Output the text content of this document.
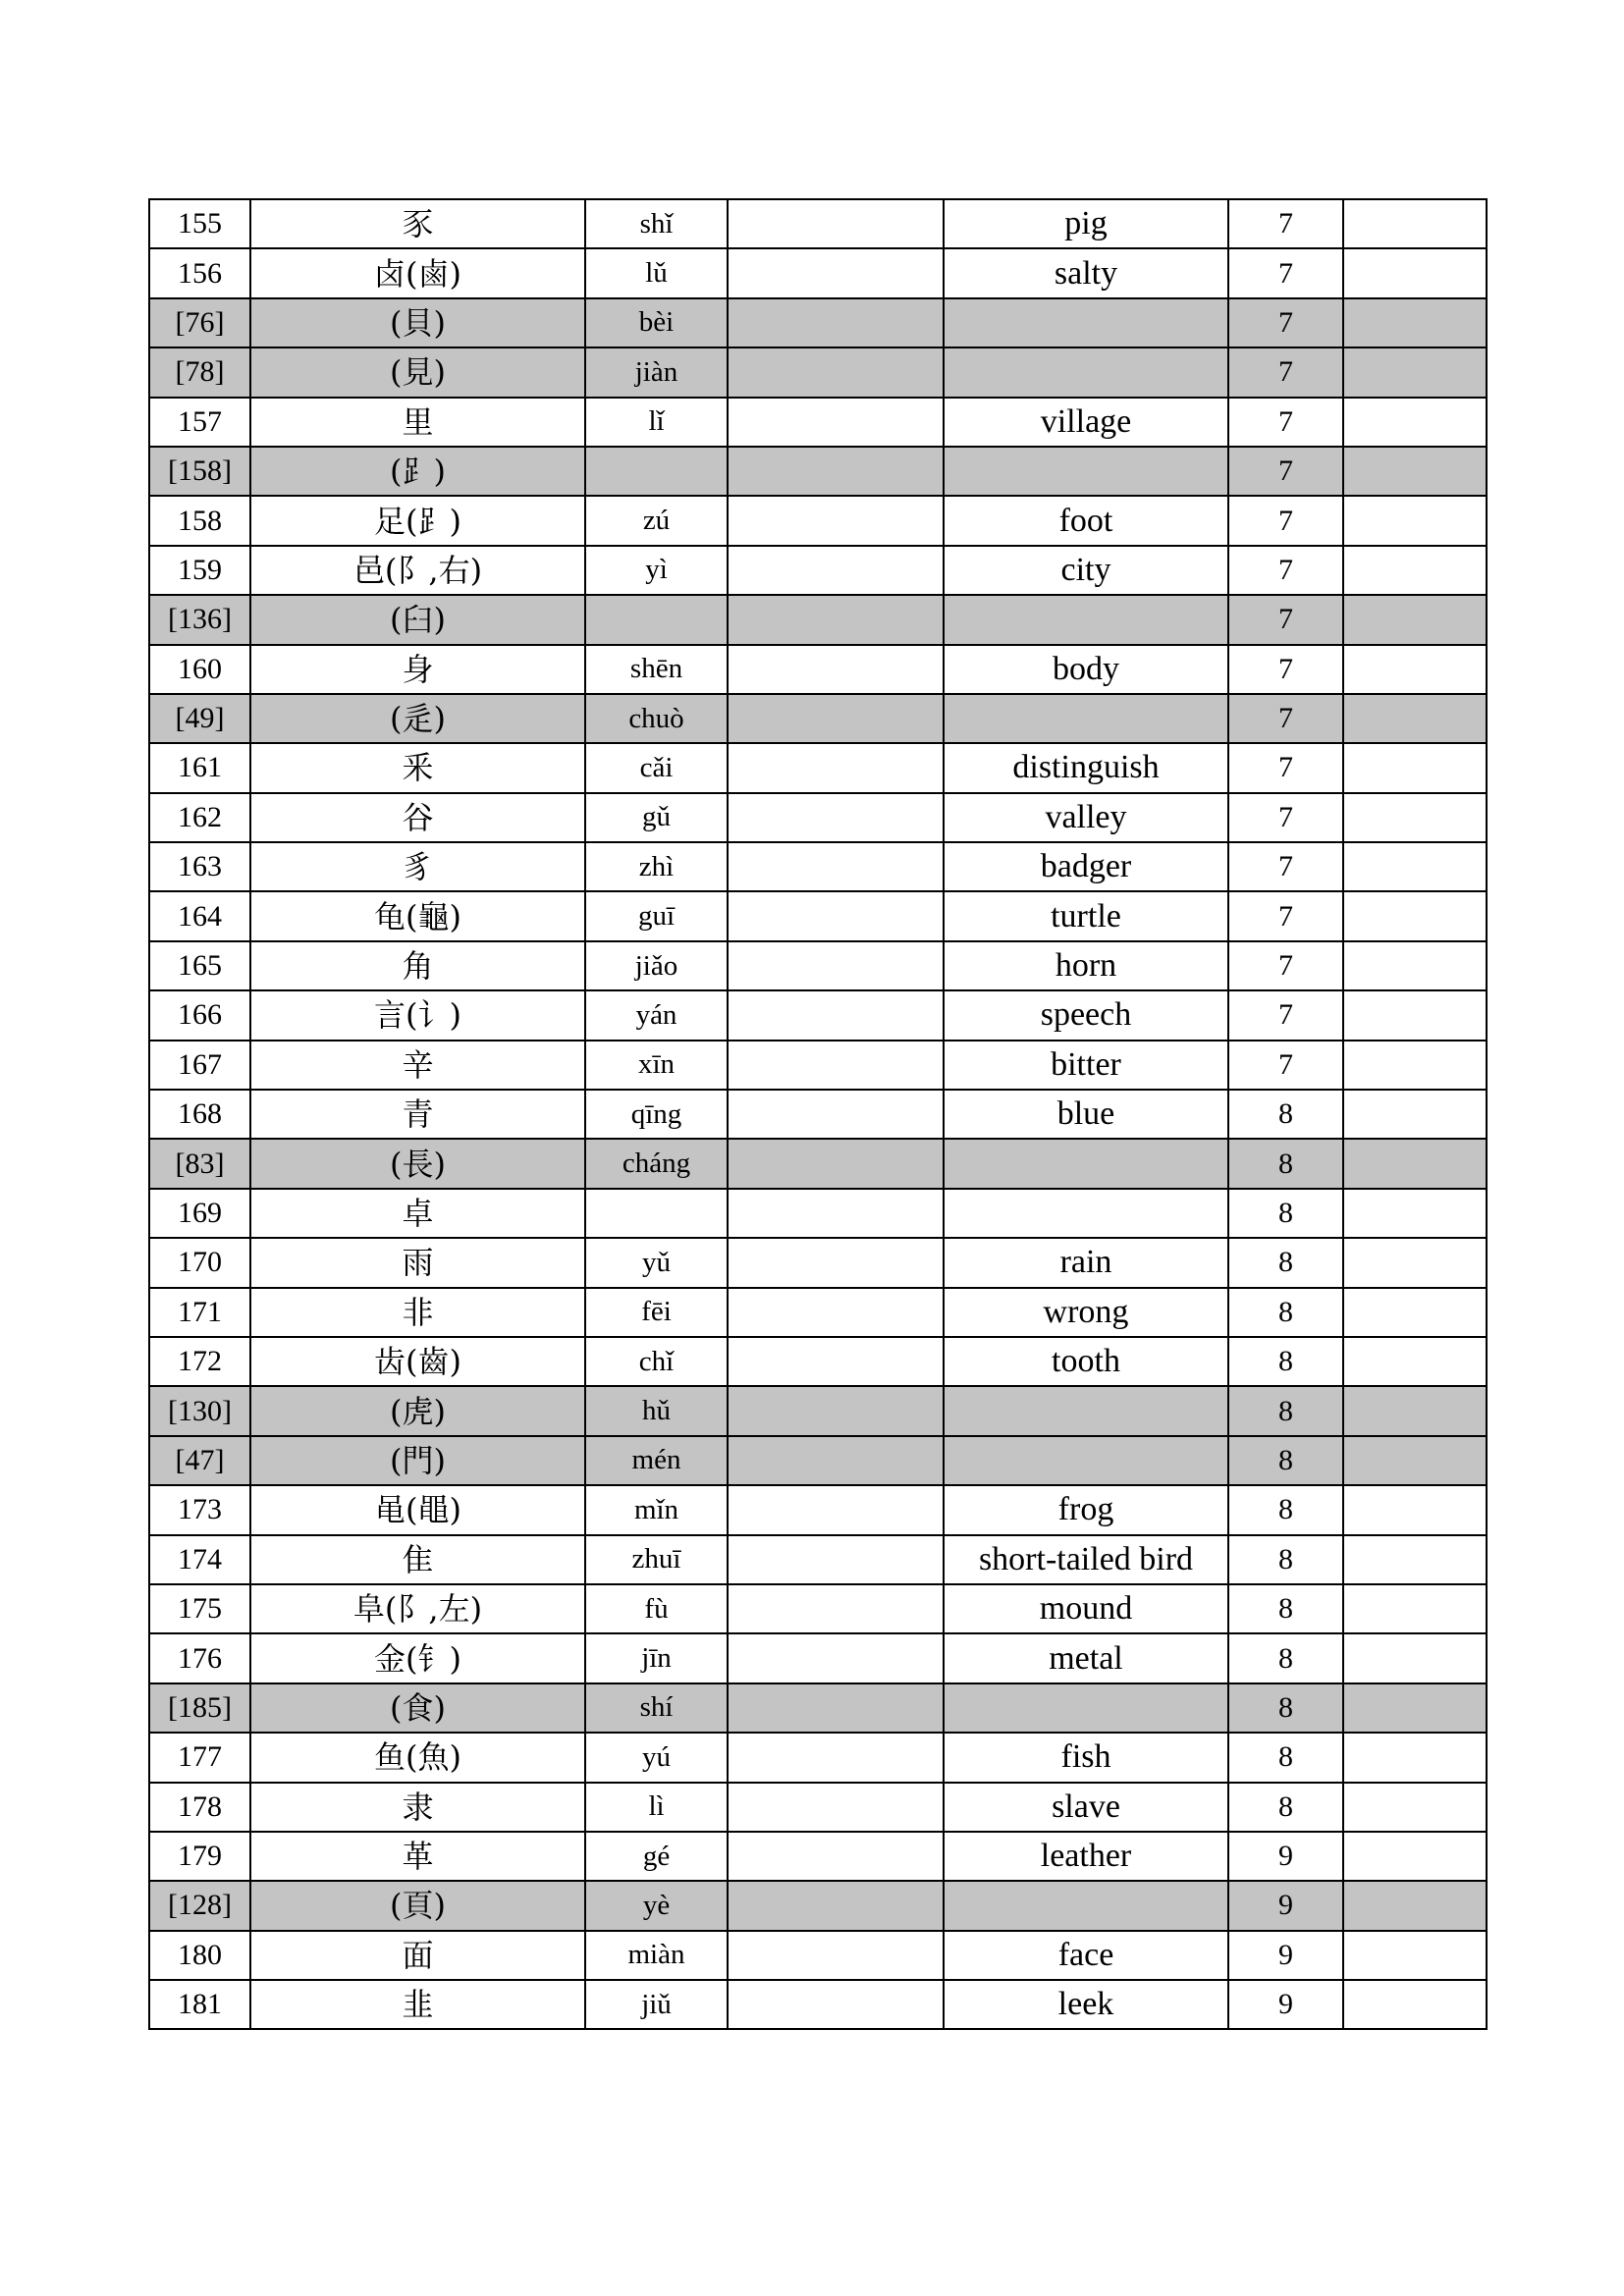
155	豕	shǐ		pig	7	
156	卤(鹵)	lǔ		salty	7	
[76]	(貝)	bèi			7	
[78]	(見)	jiàn			7	
157	里	lǐ		village	7	
[158]	(⻊)				7	
158	足(⻊)	zú		foot	7	
159	邑(阝,右)	yì		city	7	
[136]	(臼)				7	
160	身	shēn		body	7	
[49]	(辵)	chuò			7	
161	釆	cǎi		distinguish	7	
162	谷	gǔ		valley	7	
163	豸	zhì		badger	7	
164	龟(龜)	guī		turtle	7	
165	角	jiǎo		horn	7	
166	言(讠)	yán		speech	7	
167	辛	xīn		bitter	7	
168	青	qīng		blue	8	
[83]	(長)	cháng			8	
169	卓				8	
170	雨	yǔ		rain	8	
171	非	fēi		wrong	8	
172	齿(齒)	chǐ		tooth	8	
[130]	(虎)	hǔ			8	
[47]	(門)	mén			8	
173	黾(黽)	mǐn		frog	8	
174	隹	zhuī		short-tailed bird	8	
175	阜(阝,左)	fù		mound	8	
176	金(钅)	jīn		metal	8	
[185]	(食)	shí			8	
177	鱼(魚)	yú		fish	8	
178	隶	lì		slave	8	
179	革	gé		leather	9	
[128]	(頁)	yè			9	
180	面	miàn		face	9	
181	韭	jiǔ		leek	9	
